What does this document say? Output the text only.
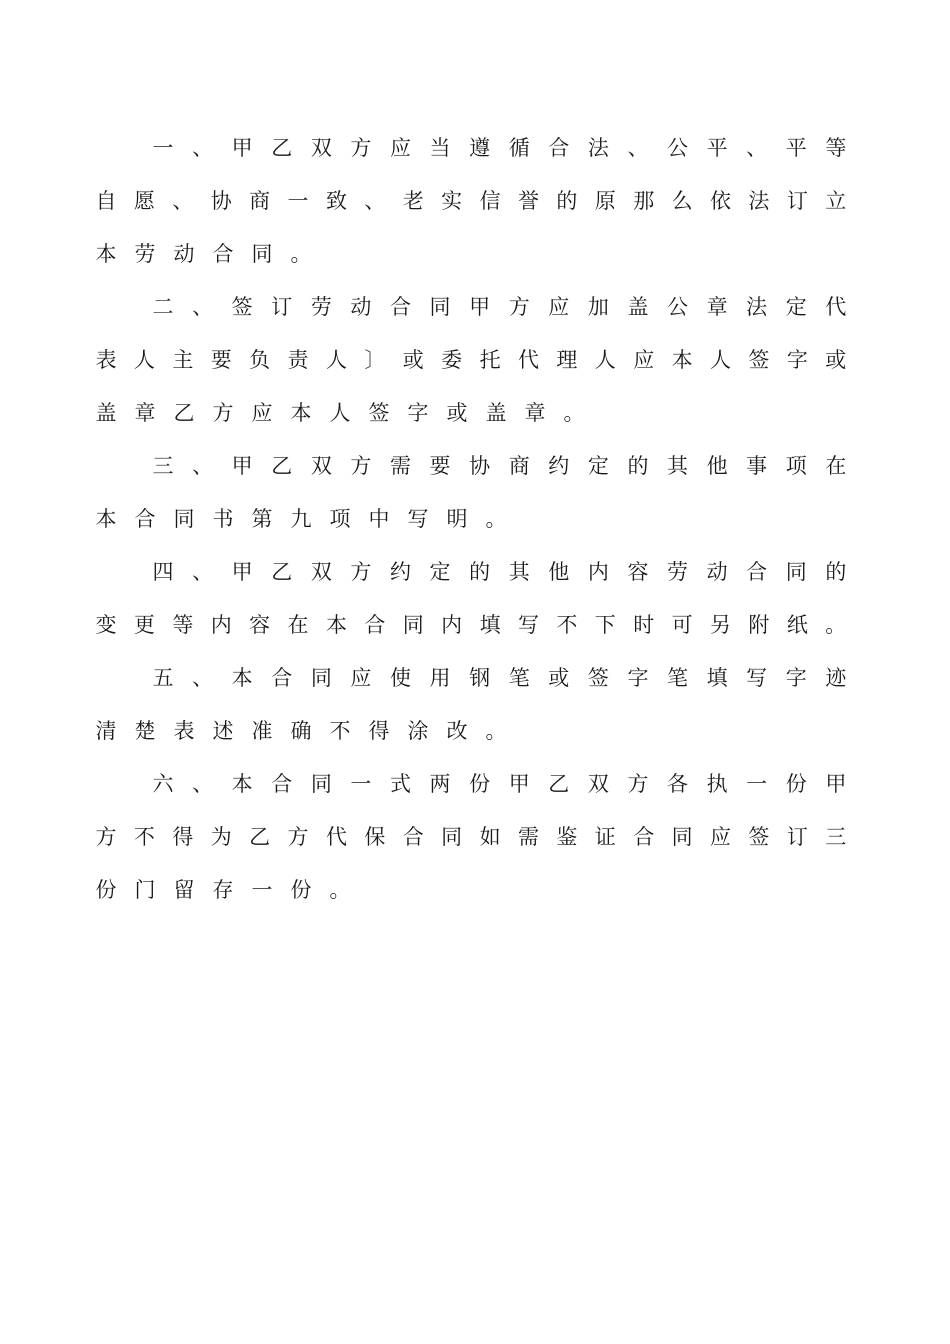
一 、 甲 乙 双 方 应 当 遵 循 合 法 、 公 平 、 平 等
自 愿 、 协 商 一 致 、 老 实 信 誉 的 原 那 么 依 法 订 立
本 劳 动 合 同 。
二 、 签 订 劳 动 合 同 甲 方 应 加 盖 公 章 法 定 代
表 人 主 要 负 责 人 〕 或 委 托 代 理 人 应 本 人 签 字 或
盖 章 乙 方 应 本 人 签 字 或 盖 章 。
三 、 甲 乙 双 方 需 要 协 商 约 定 的 其 他 事 项 在
本 合 同 书 第 九 项 中 写 明 。
四 、 甲 乙 双 方 约 定 的 其 他 内 容 劳 动 合 同 的
变 更 等 内 容 在 本 合 同 内 填 写 不 下 时 可 另 附 纸 。
五 、 本 合 同 应 使 用 钢 笔 或 签 字 笔 填 写 字 迹
清 楚 表 述 准 确 不 得 涂 改 。
六 、 本 合 同 一 式 两 份 甲 乙 双 方 各 执 一 份 甲
方 不 得 为 乙 方 代 保 合 同 如 需 鉴 证 合 同 应 签 订 三
份 门 留 存 一 份 。
